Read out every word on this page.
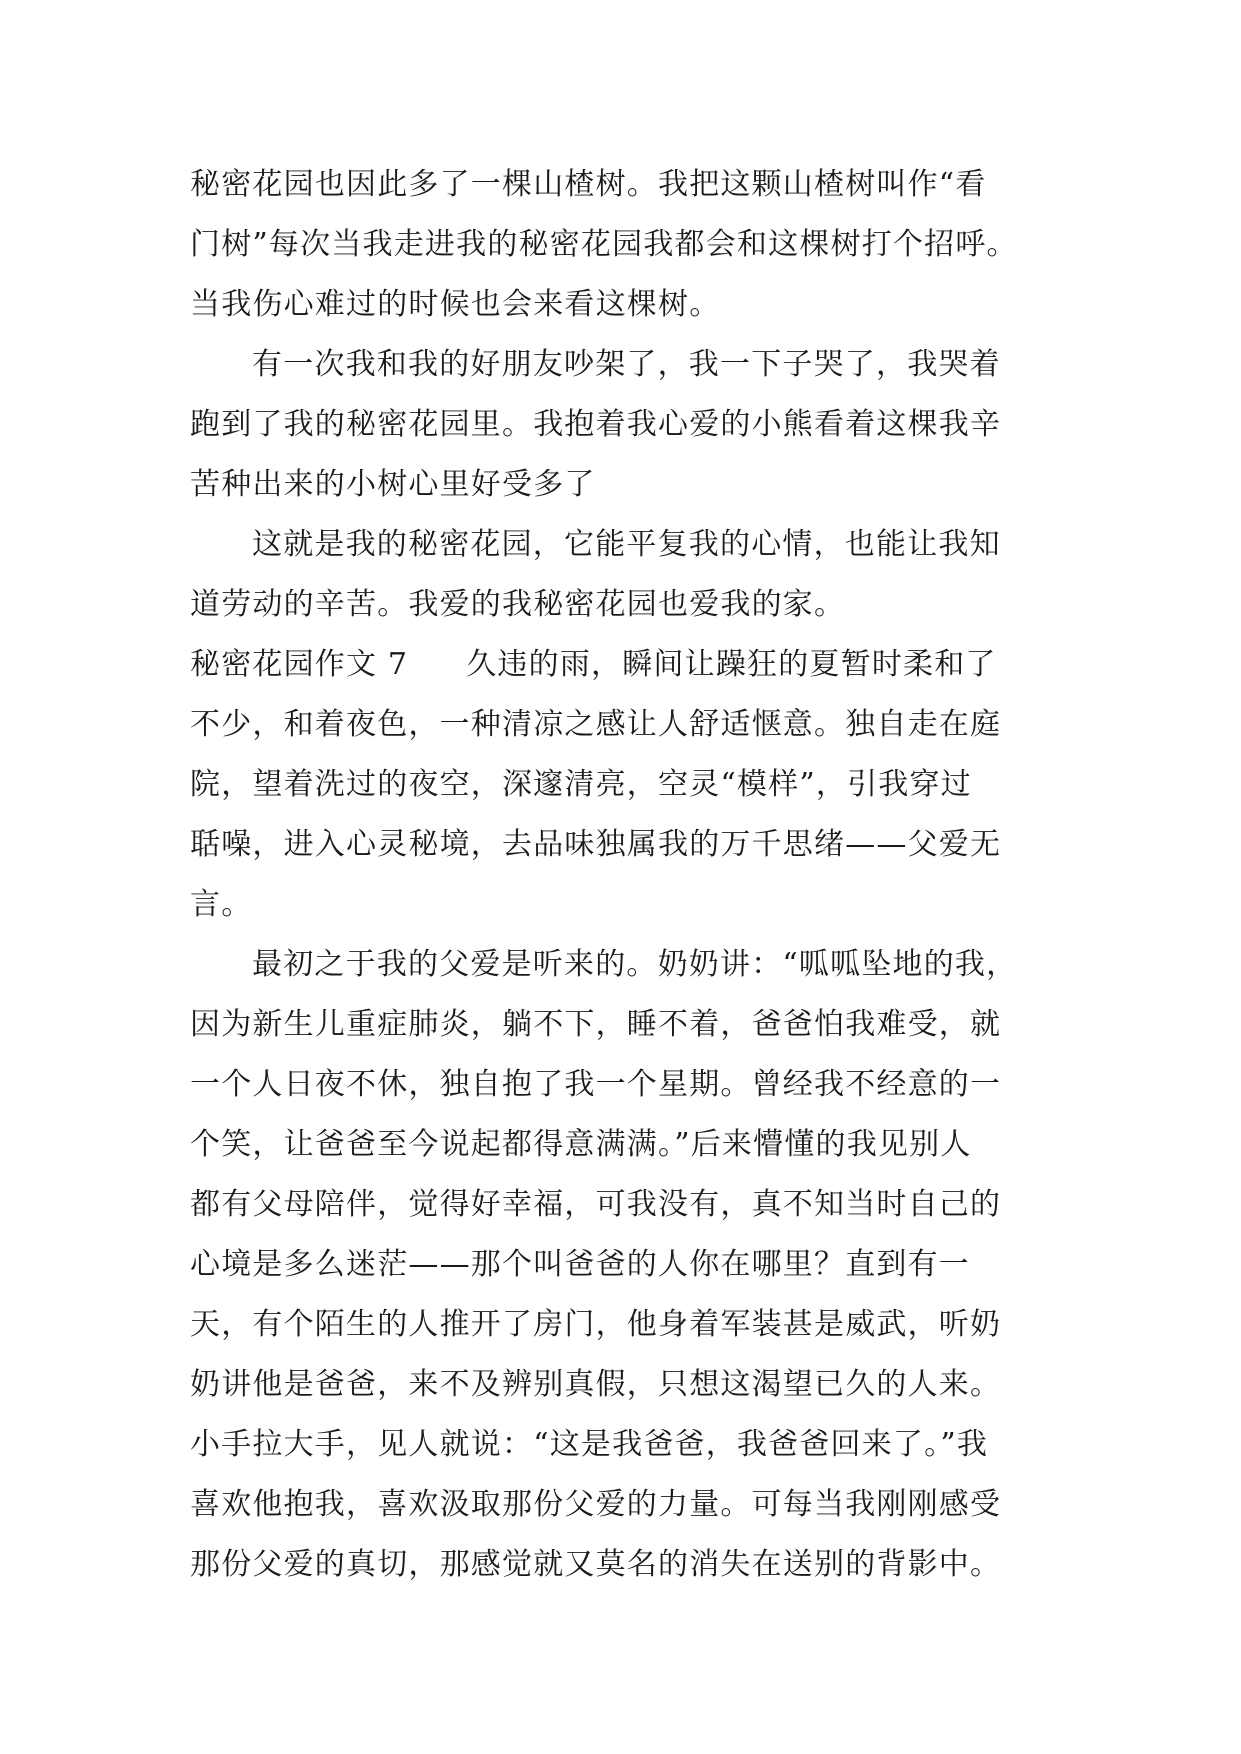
秘密花园也因此多了一棵山楂树。我把这颗山楂树叫作“看
门树”每次当我走进我的秘密花园我都会和这棵树打个招呼。
当我伤心难过的时候也会来看这棵树。
有一次我和我的好朋友吵架了，我一下子哭了，我哭着
跑到了我的秘密花园里。我抱着我心爱的小熊看着这棵我辛
苦种出来的小树心里好受多了
这就是我的秘密花园，它能平复我的心情，也能让我知
道劳动的辛苦。我爱的我秘密花园也爱我的家。
秘密花园作文 7 久违的雨，瞬间让躁狂的夏暂时柔和了
不少，和着夜色，一种清凉之感让人舒适惬意。独自走在庭
院，望着洗过的夜空，深邃清亮，空灵“模样”，引我穿过
聒噪，进入心灵秘境，去品味独属我的万千思绪——父爱无
言。
最初之于我的父爱是听来的。奶奶讲：“呱呱坠地的我，
因为新生儿重症肺炎，躺不下，睡不着，爸爸怕我难受，就
一个人日夜不休，独自抱了我一个星期。曾经我不经意的一
个笑，让爸爸至今说起都得意满满。”后来懵懂的我见别人
都有父母陪伴，觉得好幸福，可我没有，真不知当时自己的
心境是多么迷茫——那个叫爸爸的人你在哪里？直到有一
天，有个陌生的人推开了房门，他身着军装甚是威武，听奶
奶讲他是爸爸，来不及辨别真假，只想这渴望已久的人来。
小手拉大手，见人就说：“这是我爸爸，我爸爸回来了。”我
喜欢他抱我，喜欢汲取那份父爱的力量。可每当我刚刚感受
那份父爱的真切，那感觉就又莫名的消失在送别的背影中。
